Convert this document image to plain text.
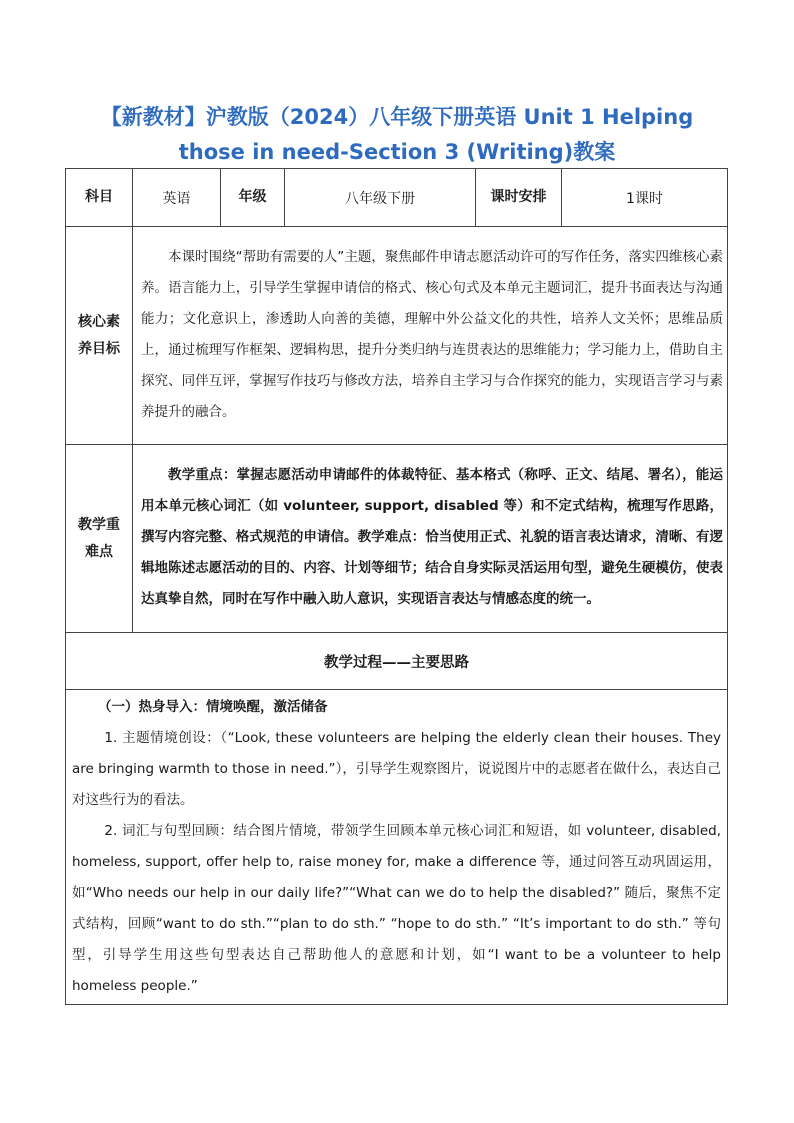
【新教材】沪教版（2024）八年级下册英语 Unit 1 Helping
those in need-Section 3 (Writing)教案
科目	英语	年级	八年级下册	课时安排	1课时

核心素
养目标	本课时围绕“帮助有需要的人”主题，聚焦邮件申请志愿活动许可的写作任务，落实四维核心素养。语言能力上，引导学生掌握申请信的格式、核心句式及本单元主题词汇，提升书面表达与沟通能力；文化意识上，渗透助人向善的美德，理解中外公益文化的共性，培养人文关怀；思维品质上，通过梳理写作框架、逻辑构思，提升分类归纳与连贯表达的思维能力；学习能力上，借助自主探究、同伴互评，掌握写作技巧与修改方法，培养自主学习与合作探究的能力，实现语言学习与素养提升的融合。				

教学重
难点	教学重点：掌握志愿活动申请邮件的体裁特征、基本格式（称呼、正文、结尾、署名），能运用本单元核心词汇（如 volunteer, support, disabled 等）和不定式结构，梳理写作思路，撰写内容完整、格式规范的申请信。教学难点：恰当使用正式、礼貌的语言表达请求，清晰、有逻辑地陈述志愿活动的目的、内容、计划等细节；结合自身实际灵活运用句型，避免生硬模仿，使表达真挚自然，同时在写作中融入助人意识，实现语言表达与情感态度的统一。				

教学过程——主要思路					

（一）热身导入：情境唤醒，激活储备

1. 主题情境创设：（“Look, these volunteers are helping the elderly clean their houses. They are bringing warmth to those in need.”），引导学生观察图片，说说图片中的志愿者在做什么，表达自己对这些行为的看法。

2. 词汇与句型回顾：结合图片情境，带领学生回顾本单元核心词汇和短语，如 volunteer, disabled, homeless, support, offer help to, raise money for, make a difference 等，通过问答互动巩固运用，如“Who needs our help in our daily life?”“What can we do to help the disabled?” 随后，聚焦不定式结构，回顾“want to do sth.”“plan to do sth.” “hope to do sth.” “It’s important to do sth.” 等句型，引导学生用这些句型表达自己帮助他人的意愿和计划，如“I want to be a volunteer to help homeless people.”					
